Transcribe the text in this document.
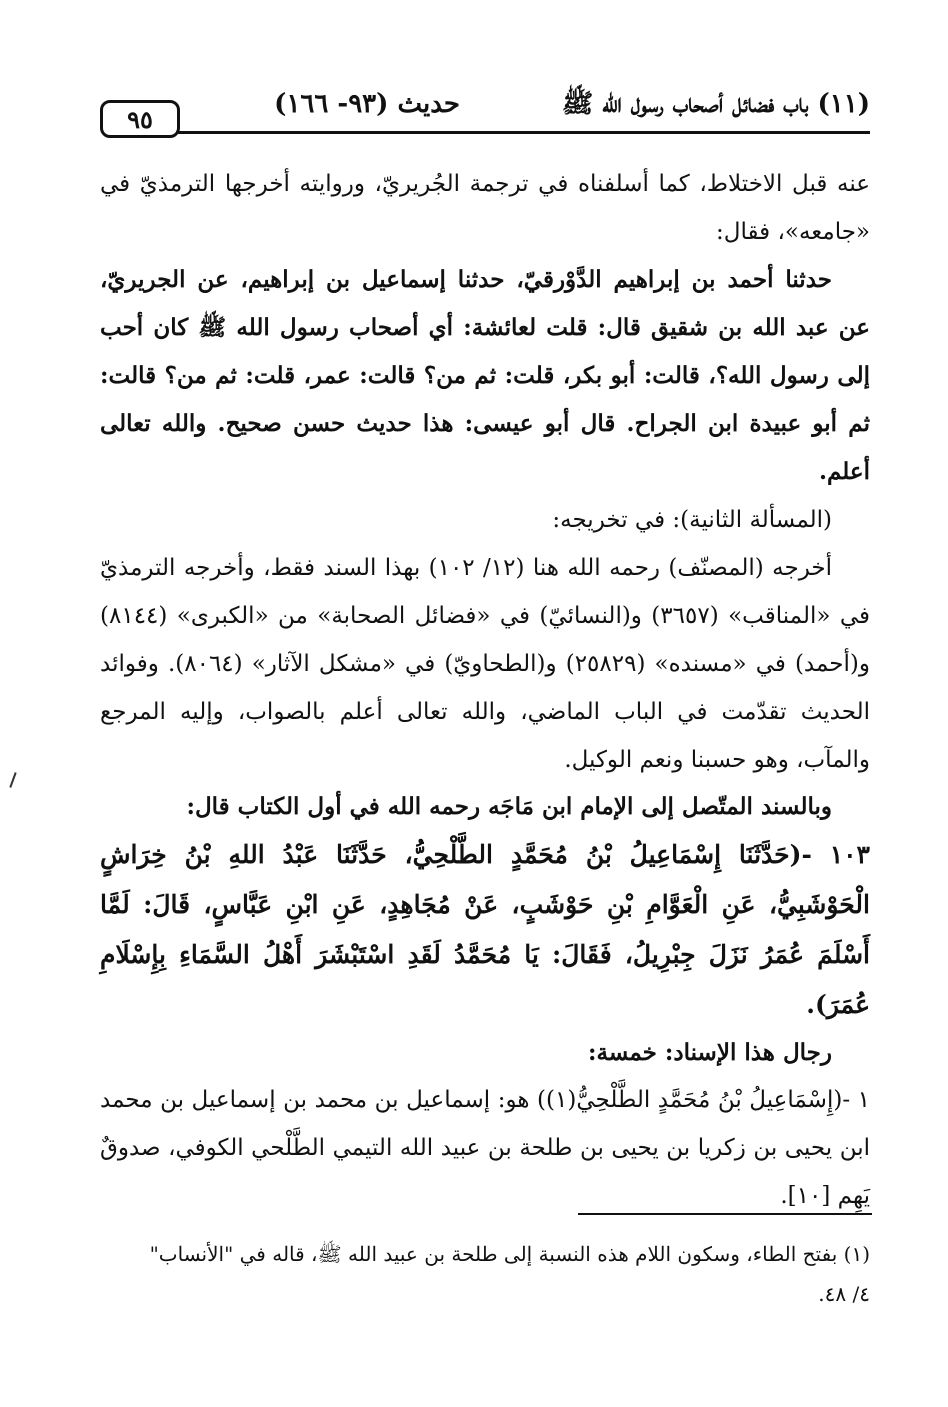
(١١) باب فضائل أصحاب رسول الله ﷺ
حديث (٩٣- ١٦٦)
٩٥

عنه قبل الاختلاط، كما أسلفناه في ترجمة الجُريريّ، وروايته أخرجها الترمذيّ في «جامعه»، فقال:

حدثنا أحمد بن إبراهيم الدَّوْرقيّ، حدثنا إسماعيل بن إبراهيم، عن الجريريّ، عن عبد الله بن شقيق قال: قلت لعائشة: أي أصحاب رسول الله ﷺ كان أحب إلى رسول الله؟، قالت: أبو بكر، قلت: ثم من؟ قالت: عمر، قلت: ثم من؟ قالت: ثم أبو عبيدة ابن الجراح. قال أبو عيسى: هذا حديث حسن صحيح. والله تعالى أعلم.

(المسألة الثانية): في تخريجه:

أخرجه (المصنّف) رحمه الله هنا (١٢/ ١٠٢) بهذا السند فقط، وأخرجه الترمذيّ في «المناقب» (٣٦٥٧) و(النسائيّ) في «فضائل الصحابة» من «الكبرى» (٨١٤٤) و(أحمد) في «مسنده» (٢٥٨٢٩) و(الطحاويّ) في «مشكل الآثار» (٨٠٦٤). وفوائد الحديث تقدّمت في الباب الماضي، والله تعالى أعلم بالصواب، وإليه المرجع والمآب، وهو حسبنا ونعم الوكيل.

وبالسند المتّصل إلى الإمام ابن مَاجَه رحمه الله في أول الكتاب قال:

١٠٣ -(حَدَّثَنَا إِسْمَاعِيلُ بْنُ مُحَمَّدٍ الطَّلْحِيُّ، حَدَّثَنَا عَبْدُ اللهِ بْنُ خِرَاشٍ الْحَوْشَبِيُّ، عَنِ الْعَوَّامِ بْنِ حَوْشَبٍ، عَنْ مُجَاهِدٍ، عَنِ ابْنِ عَبَّاسٍ، قَالَ: لَمَّا أَسْلَمَ عُمَرُ نَزَلَ جِبْرِيلُ، فَقَالَ: يَا مُحَمَّدُ لَقَدِ اسْتَبْشَرَ أَهْلُ السَّمَاءِ بِإِسْلَامِ عُمَرَ).

رجال هذا الإسناد: خمسة:

١ -(إِسْمَاعِيلُ بْنُ مُحَمَّدٍ الطَّلْحِيُّ(١)) هو: إسماعيل بن محمد بن إسماعيل بن محمد ابن يحيى بن زكريا بن يحيى بن طلحة بن عبيد الله التيمي الطَّلْحي الكوفي، صدوقٌ يَهِم [١٠].

(١) بفتح الطاء، وسكون اللام هذه النسبة إلى طلحة بن عبيد الله ﷺ، قاله في "الأنساب"

٤/ ٤٨.
